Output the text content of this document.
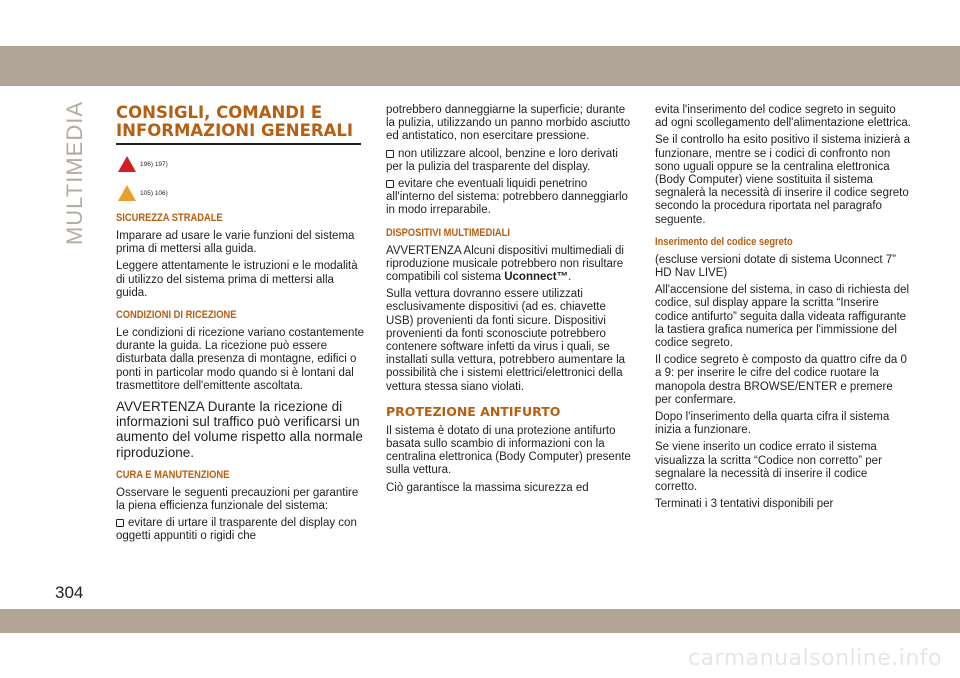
MULTIMEDIA CONSIGLI, COMANDI E INFORMAZIONI GENERALI
196) 197)
105) 106)
SICUREZZA STRADALE

Imparare ad usare le varie funzioni del sistema prima di mettersi alla guida.

Leggere attentamente le istruzioni e le modalità di utilizzo del sistema prima di mettersi alla guida.

CONDIZIONI DI RICEZIONE

Le condizioni di ricezione variano costantemente durante la guida. La ricezione può essere disturbata dalla presenza di montagne, edifici o ponti in particolar modo quando si è lontani dal trasmettitore dell'emittente ascoltata.

AVVERTENZA Durante la ricezione di informazioni sul traffico può verificarsi un aumento del volume rispetto alla normale riproduzione.

CURA E MANUTENZIONE

Osservare le seguenti precauzioni per garantire la piena efficienza funzionale del sistema:

evitare di urtare il trasparente del display con oggetti appuntiti o rigidi che

potrebbero danneggiarne la superficie; durante la pulizia, utilizzando un panno morbido asciutto ed antistatico, non esercitare pressione.

non utilizzare alcool, benzine e loro derivati per la pulizia del trasparente del display.

evitare che eventuali liquidi penetrino all'interno del sistema: potrebbero danneggiarlo in modo irreparabile.

DISPOSITIVI MULTIMEDIALI

AVVERTENZA Alcuni dispositivi multimediali di riproduzione musicale potrebbero non risultare compatibili col sistema Uconnect™.

Sulla vettura dovranno essere utilizzati esclusivamente dispositivi (ad es. chiavette USB) provenienti da fonti sicure. Dispositivi provenienti da fonti sconosciute potrebbero contenere software infetti da virus i quali, se installati sulla vettura, potrebbero aumentare la possibilità che i sistemi elettrici/elettronici della vettura stessa siano violati.

PROTEZIONE ANTIFURTO

Il sistema è dotato di una protezione antifurto basata sullo scambio di informazioni con la centralina elettronica (Body Computer) presente sulla vettura.

Ciò garantisce la massima sicurezza ed

evita l'inserimento del codice segreto in seguito ad ogni scollegamento dell'alimentazione elettrica.

Se il controllo ha esito positivo il sistema inizierà a funzionare, mentre se i codici di confronto non sono uguali oppure se la centralina elettronica (Body Computer) viene sostituita il sistema segnalerà la necessità di inserire il codice segreto secondo la procedura riportata nel paragrafo seguente.

Inserimento del codice segreto

(escluse versioni dotate di sistema Uconnect 7” HD Nav LIVE)

All'accensione del sistema, in caso di richiesta del codice, sul display appare la scritta “Inserire codice antifurto” seguita dalla videata raffigurante la tastiera grafica numerica per l'immissione del codice segreto.

Il codice segreto è composto da quattro cifre da 0 a 9: per inserire le cifre del codice ruotare la manopola destra BROWSE/ENTER e premere per confermare.

Dopo l'inserimento della quarta cifra il sistema inizia a funzionare.

Se viene inserito un codice errato il sistema visualizza la scritta “Codice non corretto” per segnalare la necessità di inserire il codice corretto.

Terminati i 3 tentativi disponibili per

304
carmanualsonline.info
